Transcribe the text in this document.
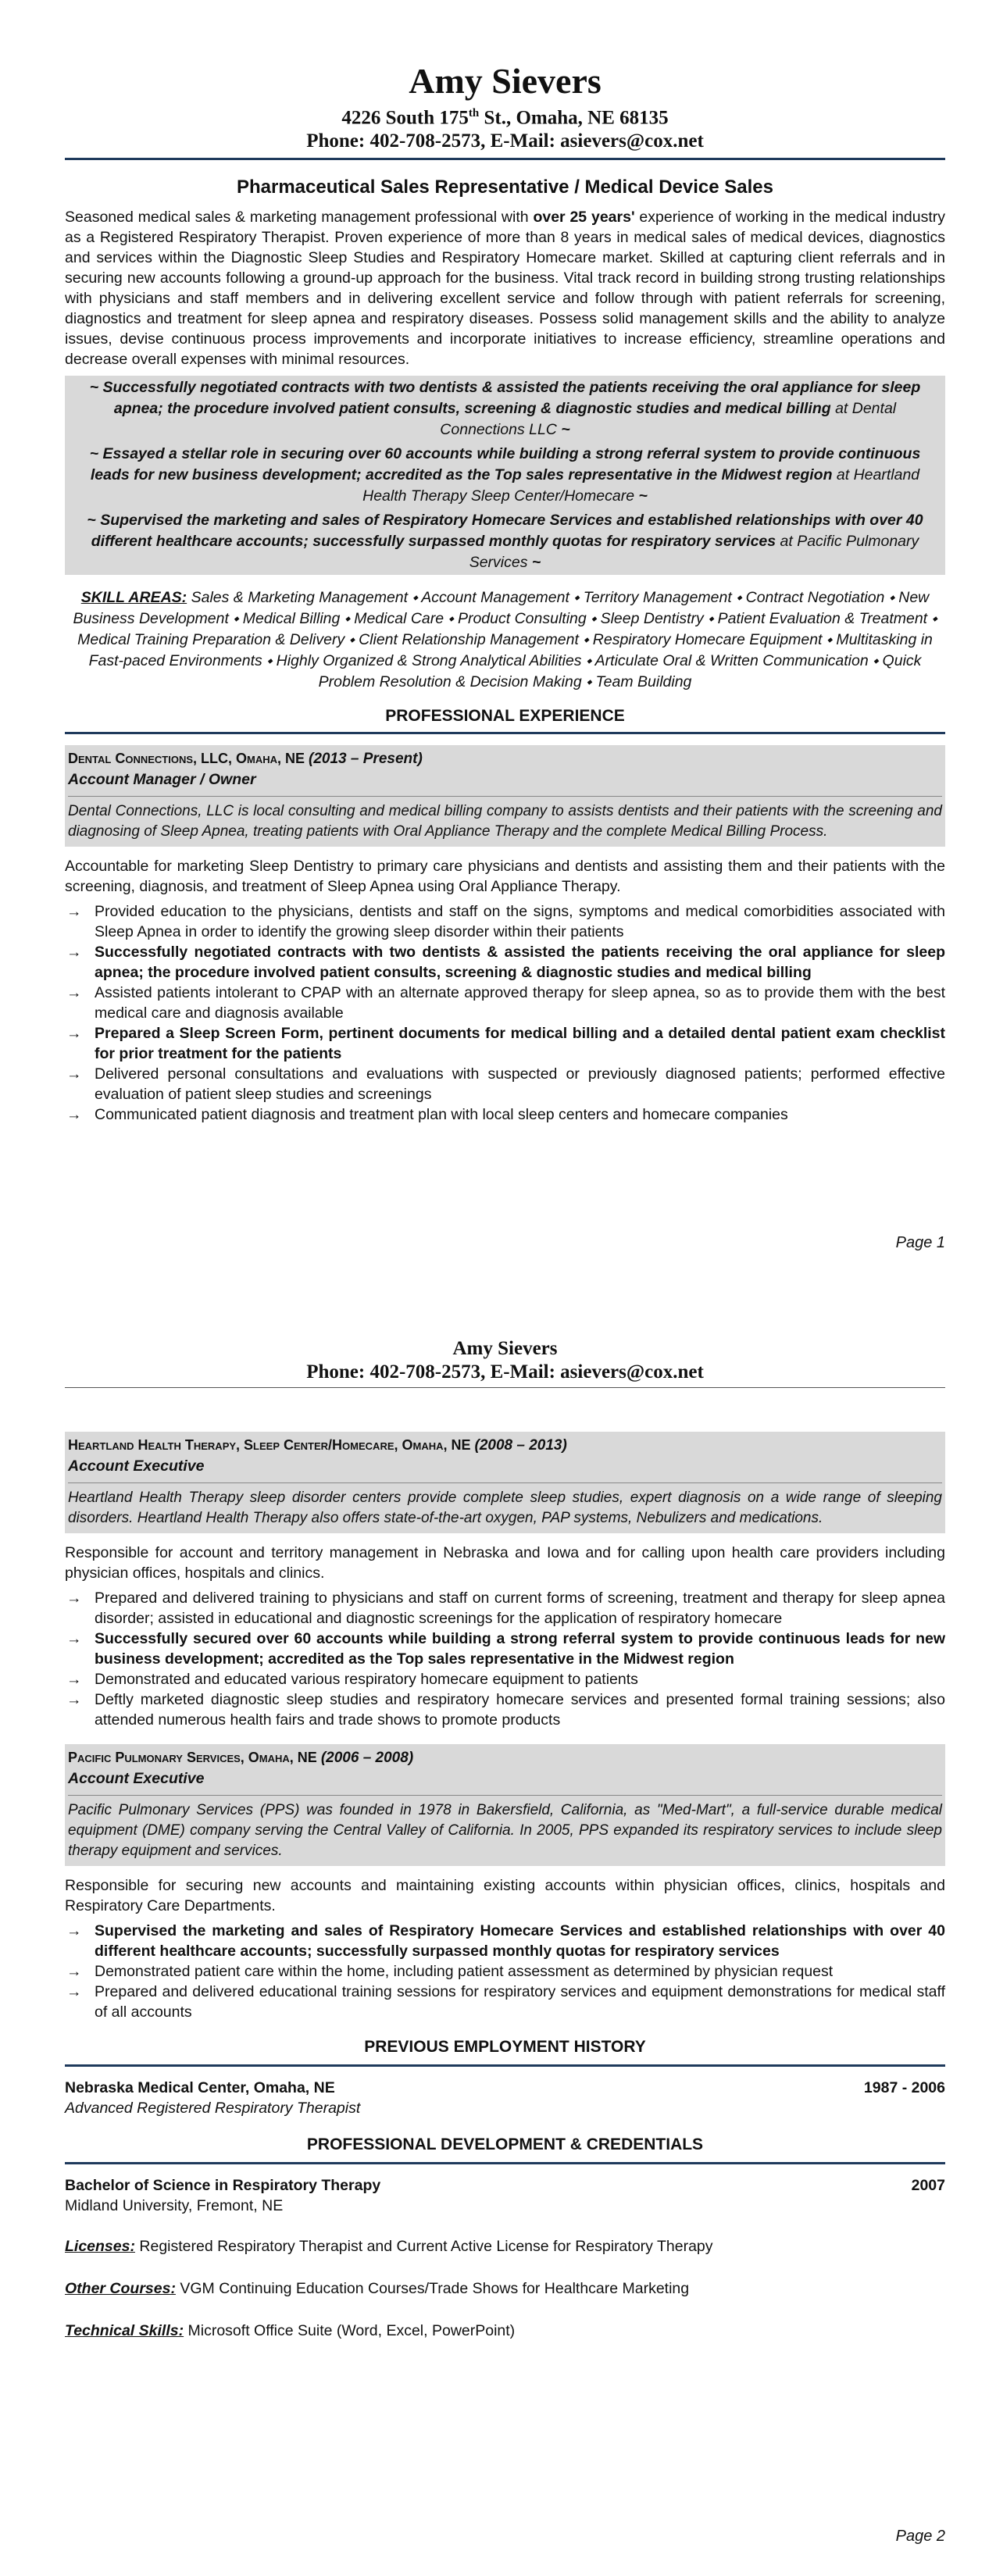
Amy Sievers
4226 South 175th St., Omaha, NE 68135
Phone: 402-708-2573, E-Mail: asievers@cox.net
Pharmaceutical Sales Representative / Medical Device Sales

Seasoned medical sales & marketing management professional with over 25 years' experience of working in the medical industry as a Registered Respiratory Therapist. Proven experience of more than 8 years in medical sales of medical devices, diagnostics and services within the Diagnostic Sleep Studies and Respiratory Homecare market. Skilled at capturing client referrals and in securing new accounts following a ground-up approach for the business. Vital track record in building strong trusting relationships with physicians and staff members and in delivering excellent service and follow through with patient referrals for screening, diagnostics and treatment for sleep apnea and respiratory diseases. Possess solid management skills and the ability to analyze issues, devise continuous process improvements and incorporate initiatives to increase efficiency, streamline operations and decrease overall expenses with minimal resources.

~ Successfully negotiated contracts with two dentists & assisted the patients receiving the oral appliance for sleep apnea; the procedure involved patient consults, screening & diagnostic studies and medical billing at Dental Connections LLC ~
~ Essayed a stellar role in securing over 60 accounts while building a strong referral system to provide continuous leads for new business development; accredited as the Top sales representative in the Midwest region at Heartland Health Therapy Sleep Center/Homecare ~
~ Supervised the marketing and sales of Respiratory Homecare Services and established relationships with over 40 different healthcare accounts; successfully surpassed monthly quotas for respiratory services at Pacific Pulmonary Services ~

SKILL AREAS: Sales & Marketing Management ⬩ Account Management ⬩ Territory Management ⬩ Contract Negotiation ⬩ New Business Development ⬩ Medical Billing ⬩ Medical Care ⬩ Product Consulting ⬩ Sleep Dentistry ⬩ Patient Evaluation & Treatment ⬩ Medical Training Preparation & Delivery ⬩ Client Relationship Management ⬩ Respiratory Homecare Equipment ⬩ Multitasking in Fast-paced Environments ⬩ Highly Organized & Strong Analytical Abilities ⬩ Articulate Oral & Written Communication ⬩ Quick Problem Resolution & Decision Making ⬩ Team Building

PROFESSIONAL EXPERIENCE
Dental Connections, LLC, Omaha, NE (2013 – Present)
Account Manager / Owner
Dental Connections, LLC is local consulting and medical billing company to assists dentists and their patients with the screening and diagnosing of Sleep Apnea, treating patients with Oral Appliance Therapy and the complete Medical Billing Process.

Accountable for marketing Sleep Dentistry to primary care physicians and dentists and assisting them and their patients with the screening, diagnosis, and treatment of Sleep Apnea using Oral Appliance Therapy.

→ Provided education to the physicians, dentists and staff on the signs, symptoms and medical comorbidities associated with Sleep Apnea in order to identify the growing sleep disorder within their patients
→ Successfully negotiated contracts with two dentists & assisted the patients receiving the oral appliance for sleep apnea; the procedure involved patient consults, screening & diagnostic studies and medical billing
→ Assisted patients intolerant to CPAP with an alternate approved therapy for sleep apnea, so as to provide them with the best medical care and diagnosis available
→ Prepared a Sleep Screen Form, pertinent documents for medical billing and a detailed dental patient exam checklist for prior treatment for the patients
→ Delivered personal consultations and evaluations with suspected or previously diagnosed patients; performed effective evaluation of patient sleep studies and screenings
→ Communicated patient diagnosis and treatment plan with local sleep centers and homecare companies
Page 1
Amy Sievers
Phone: 402-708-2573, E-Mail: asievers@cox.net
Heartland Health Therapy, Sleep Center/Homecare, Omaha, NE (2008 – 2013)
Account Executive
Heartland Health Therapy sleep disorder centers provide complete sleep studies, expert diagnosis on a wide range of sleeping disorders. Heartland Health Therapy also offers state-of-the-art oxygen, PAP systems, Nebulizers and medications.

Responsible for account and territory management in Nebraska and Iowa and for calling upon health care providers including physician offices, hospitals and clinics.

→ Prepared and delivered training to physicians and staff on current forms of screening, treatment and therapy for sleep apnea disorder; assisted in educational and diagnostic screenings for the application of respiratory homecare
→ Successfully secured over 60 accounts while building a strong referral system to provide continuous leads for new business development; accredited as the Top sales representative in the Midwest region
→ Demonstrated and educated various respiratory homecare equipment to patients
→ Deftly marketed diagnostic sleep studies and respiratory homecare services and presented formal training sessions; also attended numerous health fairs and trade shows to promote products
Pacific Pulmonary Services, Omaha, NE (2006 – 2008)
Account Executive
Pacific Pulmonary Services (PPS) was founded in 1978 in Bakersfield, California, as "Med-Mart", a full-service durable medical equipment (DME) company serving the Central Valley of California. In 2005, PPS expanded its respiratory services to include sleep therapy equipment and services.

Responsible for securing new accounts and maintaining existing accounts within physician offices, clinics, hospitals and Respiratory Care Departments.

→ Supervised the marketing and sales of Respiratory Homecare Services and established relationships with over 40 different healthcare accounts; successfully surpassed monthly quotas for respiratory services
→ Demonstrated patient care within the home, including patient assessment as determined by physician request
→ Prepared and delivered educational training sessions for respiratory services and equipment demonstrations for medical staff of all accounts
PREVIOUS EMPLOYMENT HISTORY
Nebraska Medical Center, Omaha, NE	1987 - 2006
Advanced Registered Respiratory Therapist
PROFESSIONAL DEVELOPMENT & CREDENTIALS
Bachelor of Science in Respiratory Therapy	2007
Midland University, Fremont, NE

Licenses: Registered Respiratory Therapist and Current Active License for Respiratory Therapy

Other Courses: VGM Continuing Education Courses/Trade Shows for Healthcare Marketing

Technical Skills: Microsoft Office Suite (Word, Excel, PowerPoint)

Page 2
